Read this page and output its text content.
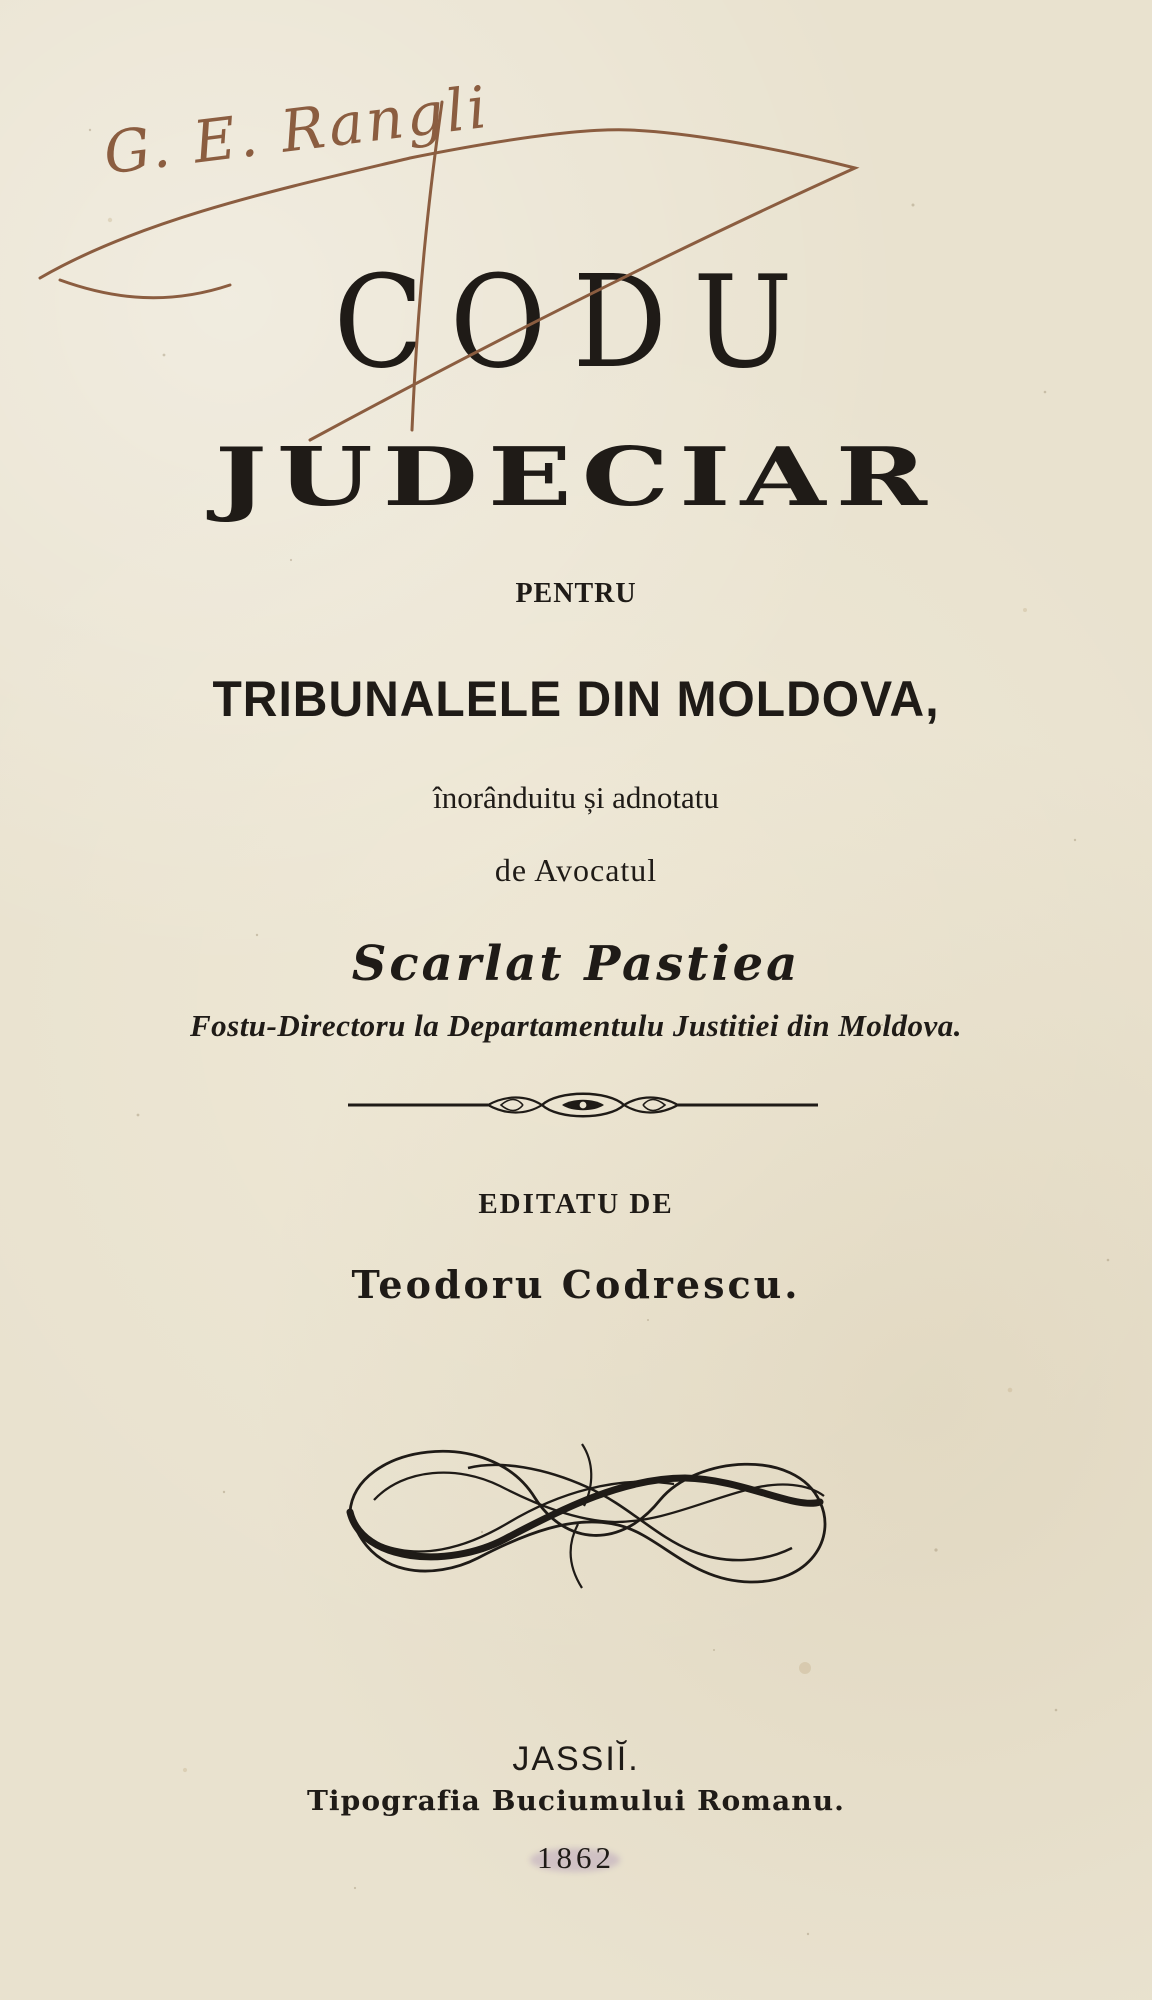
G. E. Rangli
CODU
JUDECIAR
PENTRU
TRIBUNALELE DIN MOLDOVA,
înorânduitu și adnotatu
de Avocatul
Scarlat Pastiea
Fostu-Directoru la Departamentulu Justitiei din Moldova.
EDITATU DE
Teodoru Codrescu.
JASSIĬ.
Tipografia Buciumului Romanu.
1862
